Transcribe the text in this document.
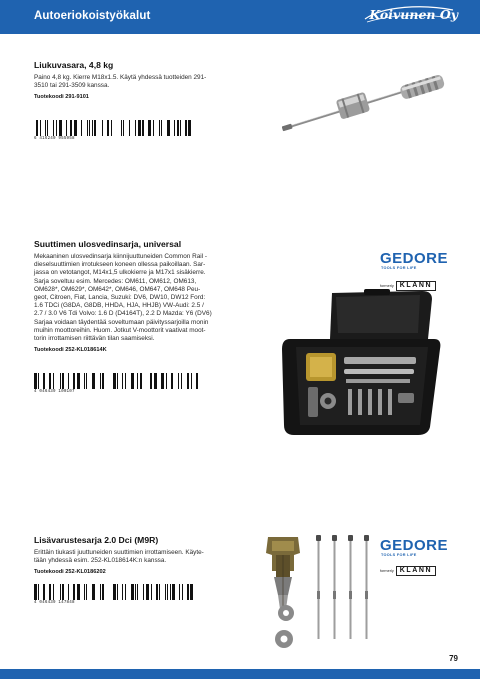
Autoeriokoistyökalut	Koivunen Oy
Liukuvasara, 4,8 kg
Paino 4,8 kg. Kierre M18x1.5. Käytä yhdessä tuotteiden 291-
3510 tai 291-3509 kanssa.
Tuotekoodi 291-9101
6 416240 955958
Suuttimen ulosvedinsarja, universal
Mekaaninen ulosvedinsarja kiinnijuuttuneiden Common Rail -
dieselsuuttimien irrotukseen koneen ollessa paikoillaan. Sar-
jassa on vetotangot, M14x1,5 ulkokierre ja M17x1 sisäkierre.
Sarja soveltuu esim. Mercedes: OM611, OM612, OM613,
OM628*, OM629*, OM642*, OM646, OM647, OM648 Peu-
geot, Citroen, Fiat, Lancia, Suzuki: DV6, DW10, DW12 Ford:
1.6 TDCi (G8DA, G8DB, HHDA, HJA, HHJB) VW-Audi: 2.5 /
2.7 / 3.0 V6 Tdi Volvo: 1.6 D (D4164T), 2.2 D Mazda: Y6 (DV6)
Sarjaa voidaan täydentää soveltumaan päivityssarjoilla monin
muihin moottoreihin. Huom. Jotkut V-moottorit vaativat moot-
torin irrottamisen riittävän tilan saamiseksi.
Tuotekoodi 252-KL018614K
4 046439 100107
GEDORE
TOOLS FOR LIFE
formerly KLANN
Lisävarustesarja 2.0 Dci (M9R)
Erittäin tiukasti juuttuneiden suuttimien irrottamiseen. Käyte-
tään yhdessä esim. 252-KL018614K:n kanssa.
Tuotekoodi 252-KL0186202
4 046439 147848
GEDORE
TOOLS FOR LIFE
formerly KLANN
79
